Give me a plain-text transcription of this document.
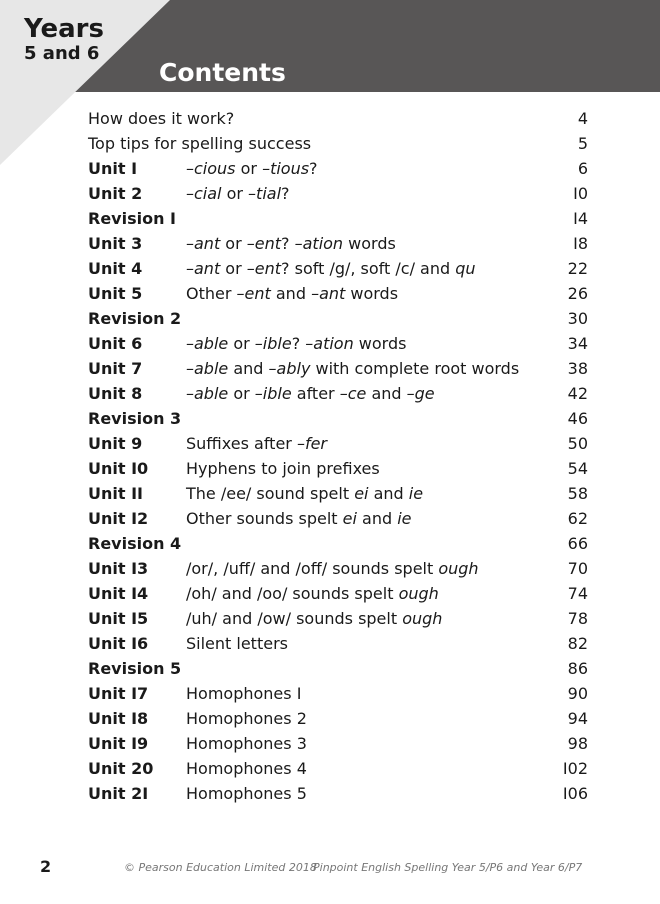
Years
5 and 6
Contents
How does it work?	4
Top tips for spelling success	5
Unit I	–cious or –tious?	6
Unit 2	–cial or –tial?	I0
Revision I	I4
Unit 3	–ant or –ent? –ation words	I8
Unit 4	–ant or –ent? soft /g/, soft /c/ and qu	22
Unit 5	Other –ent and –ant words	26
Revision 2	30
Unit 6	–able or –ible? –ation words	34
Unit 7	–able and –ably with complete root words	38
Unit 8	–able or –ible after –ce and –ge	42
Revision 3	46
Unit 9	Suffixes after –fer	50
Unit I0 Hyphens to join prefixes	54
Unit II	The /ee/ sound spelt ei and ie	58
Unit I2 Other sounds spelt ei and ie	62
Revision 4	66
Unit I3 /or/, /uff/ and /off/ sounds spelt ough	70
Unit I4 /oh/ and /oo/ sounds spelt ough	74
Unit I5 /uh/ and /ow/ sounds spelt ough	78
Unit I6 Silent letters	82
Revision 5	86
Unit I7 Homophones I	90
Unit I8 Homophones 2	94
Unit I9 Homophones 3	98
Unit 20 Homophones 4	I02
Unit 2I Homophones 5	I06
2	© Pearson Education Limited 2018
Pinpoint English Spelling Year 5/P6 and Year 6/P7
